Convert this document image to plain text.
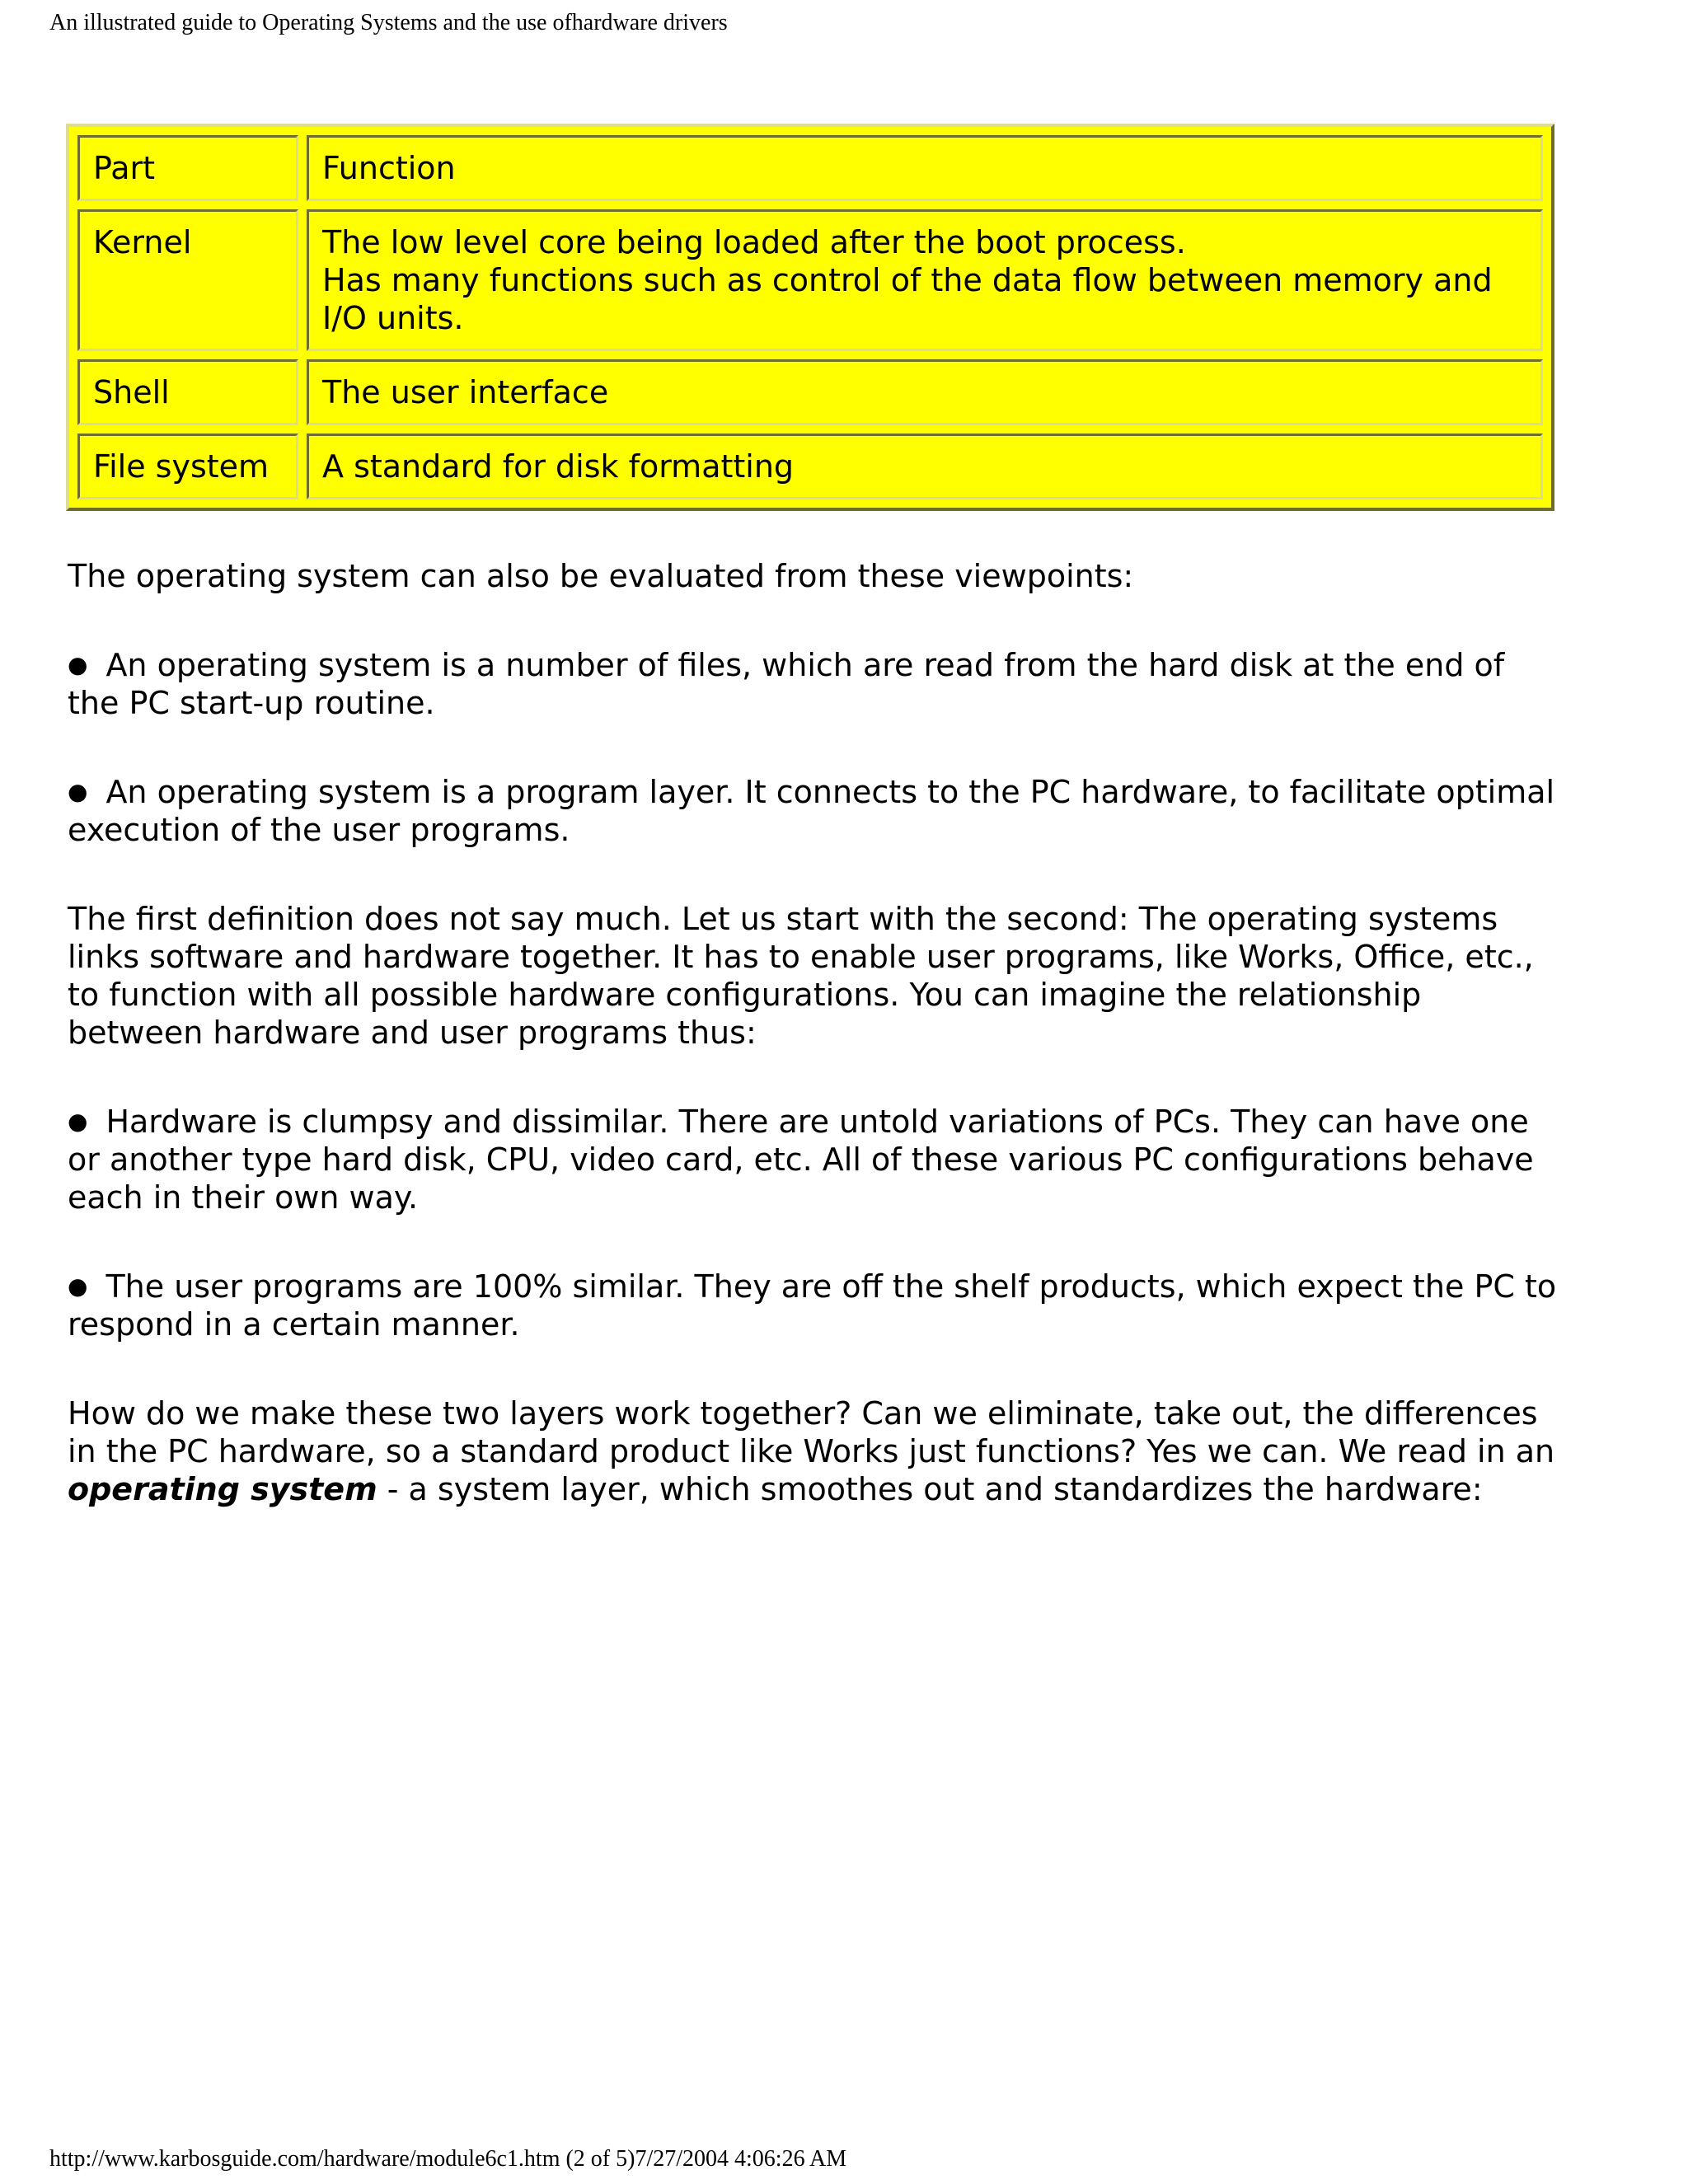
An illustrated guide to Operating Systems and the use ofhardware drivers
Part	Function
Kernel	The low level core being loaded after the boot process.
Has many functions such as control of the data flow between memory and I/O units.
Shell	The user interface
File system	A standard for disk formatting

The operating system can also be evaluated from these viewpoints:

● An operating system is a number of files, which are read from the hard disk at the end of the PC start-up routine.

● An operating system is a program layer. It connects to the PC hardware, to facilitate optimal execution of the user programs.

The first definition does not say much. Let us start with the second: The operating systems links software and hardware together. It has to enable user programs, like Works, Office, etc., to function with all possible hardware configurations. You can imagine the relationship between hardware and user programs thus:

● Hardware is clumpsy and dissimilar. There are untold variations of PCs. They can have one or another type hard disk, CPU, video card, etc. All of these various PC configurations behave each in their own way.

● The user programs are 100% similar. They are off the shelf products, which expect the PC to respond in a certain manner.

How do we make these two layers work together? Can we eliminate, take out, the differences in the PC hardware, so a standard product like Works just functions? Yes we can. We read in an operating system - a system layer, which smoothes out and standardizes the hardware:

http://www.karbosguide.com/hardware/module6c1.htm (2 of 5)7/27/2004 4:06:26 AM
